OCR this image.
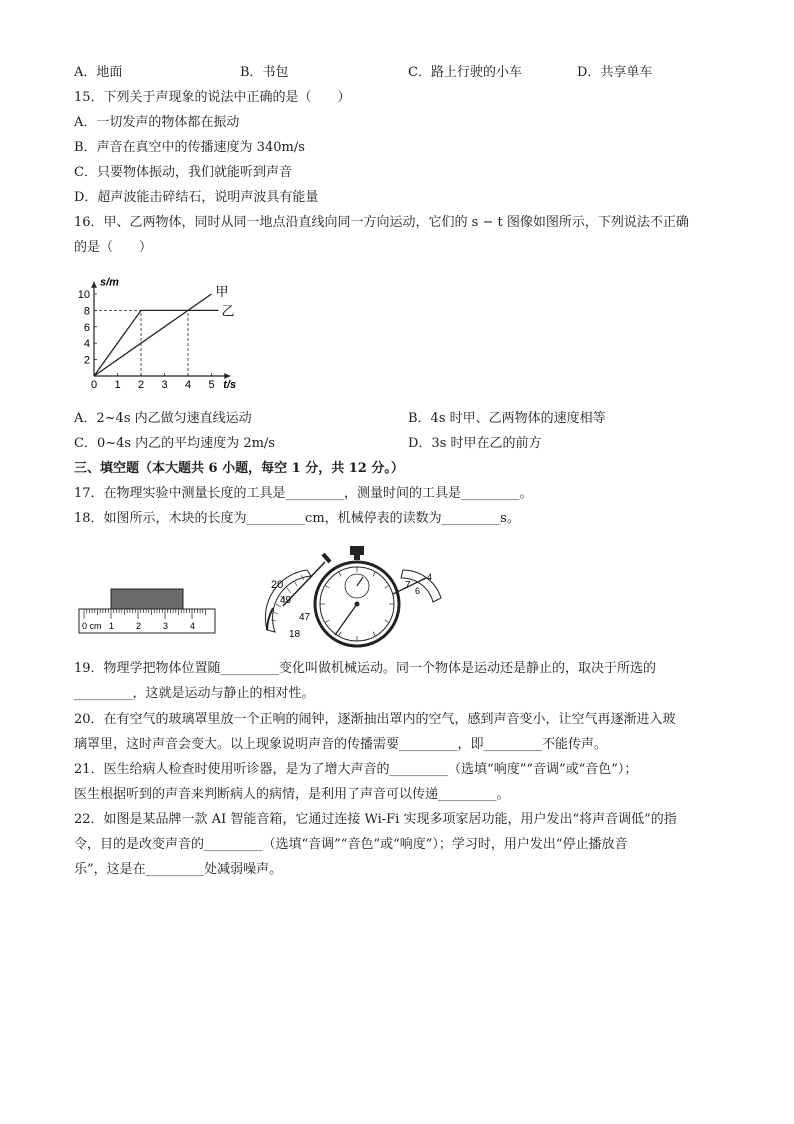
A．地面	B．书包	C．路上行驶的小车	D．共享单车
15．下列关于声现象的说法中正确的是（　　）
A．一切发声的物体都在振动
B．声音在真空中的传播速度为 340m/s
C．只要物体振动，我们就能听到声音
D．超声波能击碎结石，说明声波具有能量
16．甲、乙两物体，同时从同一地点沿直线向同一方向运动，它们的 s − t 图像如图所示，下列说法不正确
的是（　　）
0 1 2 3 4 5
2
4
6
8
10
s/m
t/s
甲
乙
A．2~4s 内乙做匀速直线运动	B．4s 时甲、乙两物体的速度相等
C．0~4s 内乙的平均速度为 2m/s	D．3s 时甲在乙的前方
三、填空题（本大题共 6 小题，每空 1 分，共 12 分。）
17．在物理实验中测量长度的工具是_________，测量时间的工具是_________。
18．如图所示，木块的长度为_________cm，机械停表的读数为_________s。
0 cm 1 2 3 4
20
49
18
47
7 6
4
19．物理学把物体位置随_________变化叫做机械运动。同一个物体是运动还是静止的，取决于所选的
_________，这就是运动与静止的相对性。
20．在有空气的玻璃罩里放一个正响的闹钟，逐渐抽出罩内的空气，感到声音变小，让空气再逐渐进入玻
璃罩里，这时声音会变大。以上现象说明声音的传播需要_________，即_________不能传声。
21．医生给病人检查时使用听诊器，是为了增大声音的_________（选填“响度”“音调”或“音色”）；
医生根据听到的声音来判断病人的病情，是利用了声音可以传递_________。
22．如图是某品牌一款 AI 智能音箱，它通过连接 Wi-Fi 实现多项家居功能，用户发出“将声音调低”的指
令，目的是改变声音的_________（选填“音调”“音色”或“响度”）；学习时，用户发出“停止播放音
乐”，这是在_________处减弱噪声。
